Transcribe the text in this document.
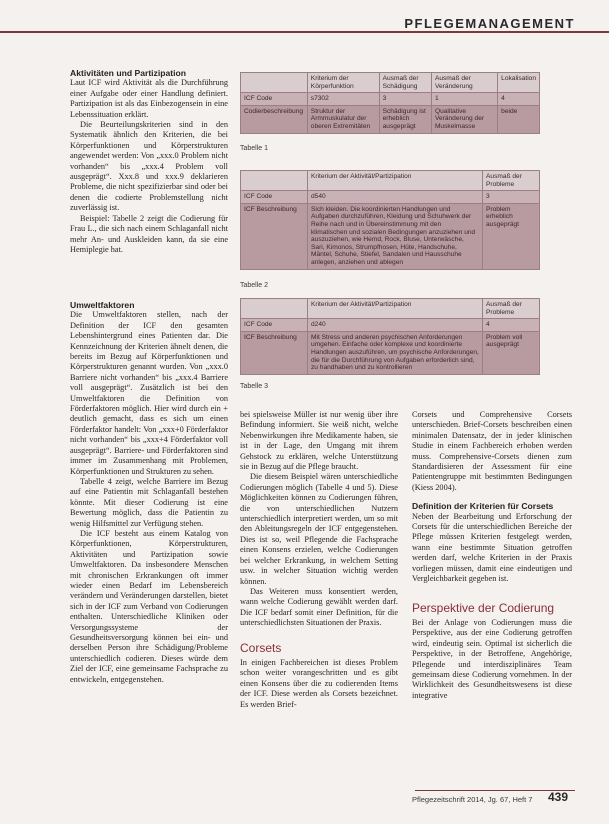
PFLEGEMANAGEMENT
Aktivitäten und Partizipation

Laut ICF wird Aktivität als die Durchführung einer Aufgabe oder einer Handlung definiert. Partizipation ist als das Einbezogensein in eine Lebenssituation erklärt.

Die Beurteilungskriterien sind in den Systematik ähnlich den Kriterien, die bei Körperfunktionen und Körperstrukturen angewendet werden: Von „xxx.0 Problem nicht vorhanden“ bis „xxx.4 Problem voll ausgeprägt“. Xxx.8 und xxx.9 deklarieren Probleme, die nicht spezifizierbar sind oder bei denen die codierte Problemstellung nicht zuverlässig ist.

Beispiel: Tabelle 2 zeigt die Codierung für Frau L., die sich nach einem Schlaganfall nicht mehr An- und Auskleiden kann, da sie eine Hemiplegie hat.

	Kriterium der Körperfunktion	Ausmaß der Schädigung	Ausmaß der Veränderung	Lokalisation
ICF Code	s7302	3	1	4
Codierbeschreibung	Struktur der Armmuskulatur der oberen Extremitäten	Schädigung ist erheblich ausgeprägt	Qualitative Veränderung der Muskelmasse	beide
Tabelle 1
	Kriterium der Aktivität/Partizipation	Ausmaß der Probleme
ICF Code	d540	3
ICF Beschreibung	Sich kleiden. Die koordinierten Handlungen und Aufgaben durchzuführen, Kleidung und Schuhwerk der Reihe nach und in Übereinstimmung mit den klimatischen und sozialen Bedingungen anzuziehen und auszuziehen, wie Hemd, Rock, Bluse, Unterwäsche, Sari, Kimonos, Strumpfhosen, Hüte, Handschuhe, Mäntel, Schuhe, Stiefel, Sandalen und Hausschuhe anlegen, anziehen und ablegen	Problem erheblich ausgeprägt
Tabelle 2
Umweltfaktoren

Die Umweltfaktoren stellen, nach der Definition der ICF den gesamten Lebenshintergrund eines Patienten dar. Die Kennzeichnung der Kriterien ähnelt denen, die bereits im Bezug auf Körperfunktionen und Körperstrukturen genannt wurden. Von „xxx.0 Barriere nicht vorhanden“ bis „xxx.4 Barriere voll ausgeprägt“. Zusätzlich ist bei den Umweltfaktoren die Definition von Förderfaktoren möglich. Hier wird durch ein + deutlich gemacht, dass es sich um einen Förderfaktor handelt: Von „xxx+0 Förderfaktor nicht vorhanden“ bis „xxx+4 Förderfaktor voll ausgeprägt“. Barriere- und Förderfaktoren sind immer im Zusammenhang mit Problemen, Körperfunktionen und Strukturen zu sehen.

Tabelle 4 zeigt, welche Barriere im Bezug auf eine Patientin mit Schlaganfall bestehen könnte. Mit dieser Codierung ist eine Bewertung möglich, dass die Patientin zu wenig Hilfsmittel zur Verfügung stehen.

Die ICF besteht aus einem Katalog von Körperfunktionen, Körperstrukturen, Aktivitäten und Partizipation sowie Umweltfaktoren. Da insbesondere Menschen mit chronischen Erkrankungen oft immer wieder einen Bedarf im Lebensbereich verändern und Veränderungen darstellen, bietet sich in der ICF zum Verband von Codierungen enthalten. Unterschiedliche Kliniken oder Versorgungssysteme der Gesundheitsversorgung können bei ein- und derselben Person ihre Schädigung/Probleme unterschiedlich codieren. Dieses würde dem Ziel der ICF, eine gemeinsame Fachsprache zu entwickeln, entgegenstehen.

	Kriterium der Aktivität/Partizipation	Ausmaß der Probleme
ICF Code	d240	4
ICF Beschreibung	Mit Stress und anderen psychischen Anforderungen umgehen. Einfache oder komplexe und koordinierte Handlungen auszuführen, um psychische Anforderungen, die für die Durchführung von Aufgaben erforderlich sind, zu handhaben und zu kontrollieren	Problem voll ausgeprägt
Tabelle 3

bei spielsweise Müller ist nur wenig über ihre Befindung informiert. Sie weiß nicht, welche Nebenwirkungen ihre Medikamente haben, sie ist in der Lage, den Umgang mit ihrem Gehstock zu erklären, welche Unterstützung sie in Bezug auf die Pflege braucht.

Die diesem Beispiel wären unterschiedliche Codierungen möglich (Tabelle 4 und 5). Diese Möglichkeiten können zu Codierungen führen, die von unterschiedlichen Nutzern unterschiedlich interpretiert werden, um so mit den Ableitungsregeln der ICF entgegenstehen. Dies ist so, weil Pflegende die Fachsprache einen Konsens erzielen, welche Codierungen bei welcher Erkrankung, in welchem Setting usw. in welcher Situation wichtig werden können.

Das Weiteren muss konsentiert werden, wann welche Codierung gewählt werden darf. Die ICF bedarf somit einer Definition, für die unterschiedlichsten Situationen der Praxis.

Corsets

In einigen Fachbereichen ist dieses Problem schon weiter vorangeschritten und es gibt einen Konsens über die zu codierenden Items der ICF. Diese werden als Corsets bezeichnet. Es werden Brief-

Corsets und Comprehensive Corsets unterschieden. Brief-Corsets beschreiben einen minimalen Datensatz, der in jeder klinischen Studie in einem Fachbereich erhoben werden muss. Comprehensive-Corsets dienen zum Standardisieren der Assessment für eine Patientengruppe mit bestimmten Bedingungen (Kiess 2004).

Definition der Kriterien für Corsets

Neben der Bearbeitung und Erforschung der Corsets für die unterschiedlichen Bereiche der Pflege müssen Kriterien festgelegt werden, wann eine bestimmte Situation getroffen werden darf, welche Kriterien in der Praxis vorliegen müssen, damit eine eindeutigen und Vergleichbarkeit gegeben ist.

Perspektive der Codierung

Bei der Anlage von Codierungen muss die Perspektive, aus der eine Codierung getroffen wird, eindeutig sein. Optimal ist sicherlich die Perspektive, in der Betroffene, Angehörige, Pflegende und interdisziplinäres Team gemeinsam diese Codierung vornehmen. In der Wirklichkeit des Gesundheitswesens ist diese integrative

Pflegezeitschrift 2014, Jg. 67, Heft 7 439
